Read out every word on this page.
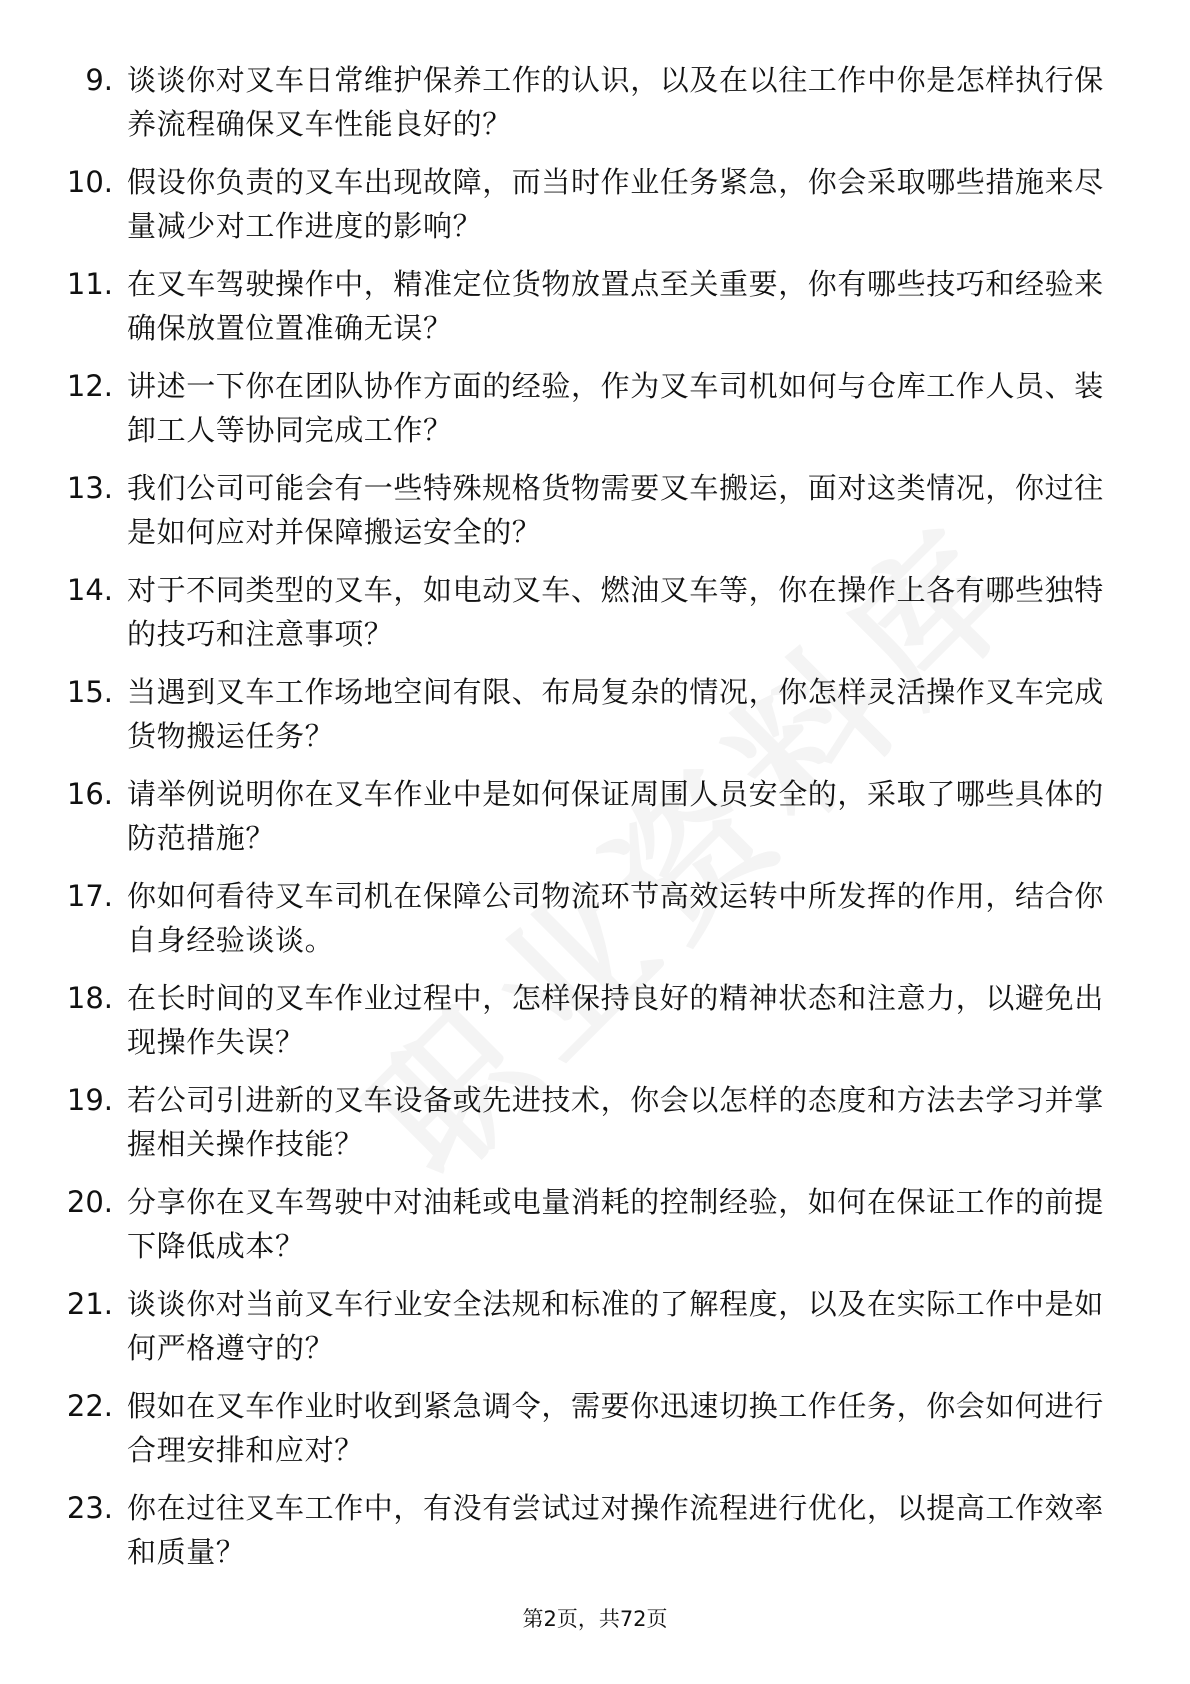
9. 谈谈你对叉车日常维护保养工作的认识，以及在以往工作中你是怎样执行保养流程确保叉车性能良好的？
10. 假设你负责的叉车出现故障，而当时作业任务紧急，你会采取哪些措施来尽量减少对工作进度的影响？
11. 在叉车驾驶操作中，精准定位货物放置点至关重要，你有哪些技巧和经验来确保放置位置准确无误？
12. 讲述一下你在团队协作方面的经验，作为叉车司机如何与仓库工作人员、装卸工人等协同完成工作？
13. 我们公司可能会有一些特殊规格货物需要叉车搬运，面对这类情况，你过往是如何应对并保障搬运安全的？
14. 对于不同类型的叉车，如电动叉车、燃油叉车等，你在操作上各有哪些独特的技巧和注意事项？
15. 当遇到叉车工作场地空间有限、布局复杂的情况，你怎样灵活操作叉车完成货物搬运任务？
16. 请举例说明你在叉车作业中是如何保证周围人员安全的，采取了哪些具体的防范措施？
17. 你如何看待叉车司机在保障公司物流环节高效运转中所发挥的作用，结合你自身经验谈谈。
18. 在长时间的叉车作业过程中，怎样保持良好的精神状态和注意力，以避免出现操作失误？
19. 若公司引进新的叉车设备或先进技术，你会以怎样的态度和方法去学习并掌握相关操作技能？
20. 分享你在叉车驾驶中对油耗或电量消耗的控制经验，如何在保证工作的前提下降低成本？
21. 谈谈你对当前叉车行业安全法规和标准的了解程度，以及在实际工作中是如何严格遵守的？
22. 假如在叉车作业时收到紧急调令，需要你迅速切换工作任务，你会如何进行合理安排和应对？
23. 你在过往叉车工作中，有没有尝试过对操作流程进行优化，以提高工作效率和质量？
第2页，共72页
